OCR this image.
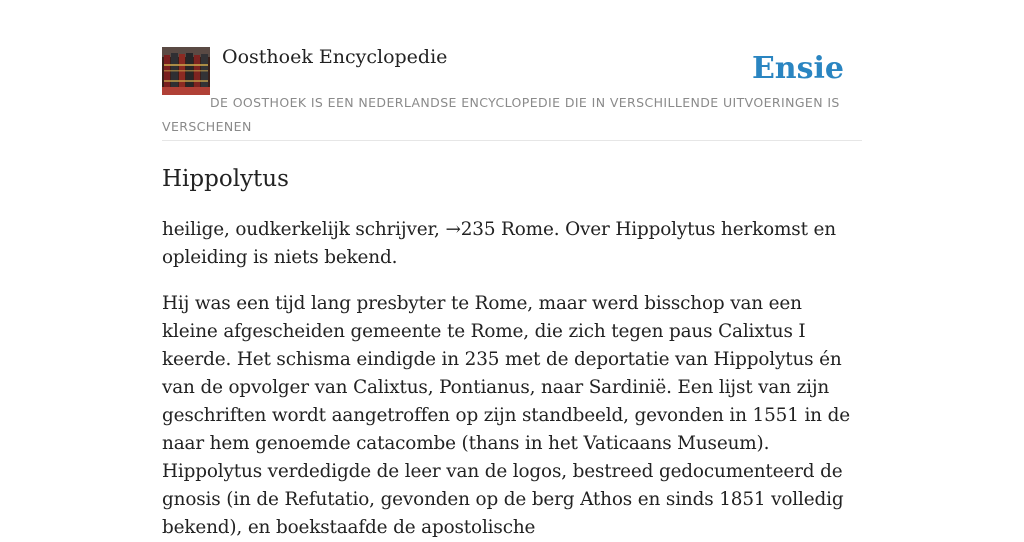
Oosthoek Encyclopedie	Ensie
DE OOSTHOEK IS EEN NEDERLANDSE ENCYCLOPEDIE DIE IN VERSCHILLENDE UITVOERINGEN IS VERSCHENEN
Hippolytus

heilige, oudkerkelijk schrijver, →235 Rome. Over Hippolytus herkomst en opleiding is niets bekend.

Hij was een tijd lang presbyter te Rome, maar werd bisschop van een kleine afgescheiden gemeente te Rome, die zich tegen paus Calixtus I keerde. Het schisma eindigde in 235 met de deportatie van Hippolytus én van de opvolger van Calixtus, Pontianus, naar Sardinië. Een lijst van zijn geschriften wordt aangetroffen op zijn standbeeld, gevonden in 1551 in de naar hem genoemde catacombe (thans in het Vaticaans Museum). Hippolytus verdedigde de leer van de logos, bestreed gedocumenteerd de gnosis (in de Refutatio, gevonden op de berg Athos en sinds 1851 volledig bekend), en boekstaafde de apostolische
